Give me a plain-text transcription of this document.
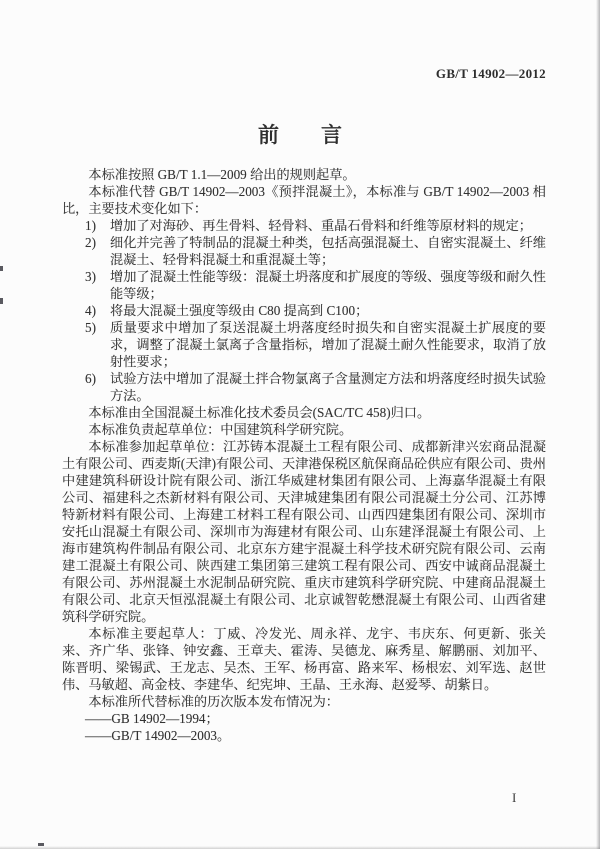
GB/T 14902—2012
前　　言
本标准按照 GB/T 1.1—2009 给出的规则起草。
本标准代替 GB/T 14902—2003《预拌混凝土》，本标准与 GB/T 14902—2003 相比，主要技术变化如下：
1) 增加了对海砂、再生骨料、轻骨料、重晶石骨料和纤维等原材料的规定；
2) 细化并完善了特制品的混凝土种类，包括高强混凝土、自密实混凝土、纤维混凝土、轻骨料混凝土和重混凝土等；
3) 增加了混凝土性能等级：混凝土坍落度和扩展度的等级、强度等级和耐久性能等级；
4) 将最大混凝土强度等级由 C80 提高到 C100；
5) 质量要求中增加了泵送混凝土坍落度经时损失和自密实混凝土扩展度的要求，调整了混凝土氯离子含量指标，增加了混凝土耐久性能要求，取消了放射性要求；
6) 试验方法中增加了混凝土拌合物氯离子含量测定方法和坍落度经时损失试验方法。
本标准由全国混凝土标准化技术委员会(SAC/TC 458)归口。
本标准负责起草单位：中国建筑科学研究院。
本标准参加起草单位：江苏铸本混凝土工程有限公司、成都新津兴宏商品混凝土有限公司、西麦斯(天津)有限公司、天津港保税区航保商品砼供应有限公司、贵州中建建筑科研设计院有限公司、浙江华威建材集团有限公司、上海嘉华混凝土有限公司、福建科之杰新材料有限公司、天津城建集团有限公司混凝土分公司、江苏博特新材料有限公司、上海建工材料工程有限公司、山西四建集团有限公司、深圳市安托山混凝土有限公司、深圳市为海建材有限公司、山东建泽混凝土有限公司、上海市建筑构件制品有限公司、北京东方建宇混凝土科学技术研究院有限公司、云南建工混凝土有限公司、陕西建工集团第三建筑工程有限公司、西安中诚商品混凝土有限公司、苏州混凝土水泥制品研究院、重庆市建筑科学研究院、中建商品混凝土有限公司、北京天恒泓混凝土有限公司、北京诚智乾懋混凝土有限公司、山西省建筑科学研究院。
本标准主要起草人：丁威、冷发光、周永祥、龙宇、韦庆东、何更新、张关来、齐广华、张锋、钟安鑫、王章夫、霍涛、吴德龙、麻秀星、解鹏丽、刘加平、陈晋明、梁锡武、王龙志、吴杰、王军、杨再富、路来军、杨根宏、刘军选、赵世伟、马敏超、高金枝、李建华、纪宪坤、王晶、王永海、赵爱琴、胡紫日。
本标准所代替标准的历次版本发布情况为：
——GB 14902—1994；
——GB/T 14902—2003。
I
